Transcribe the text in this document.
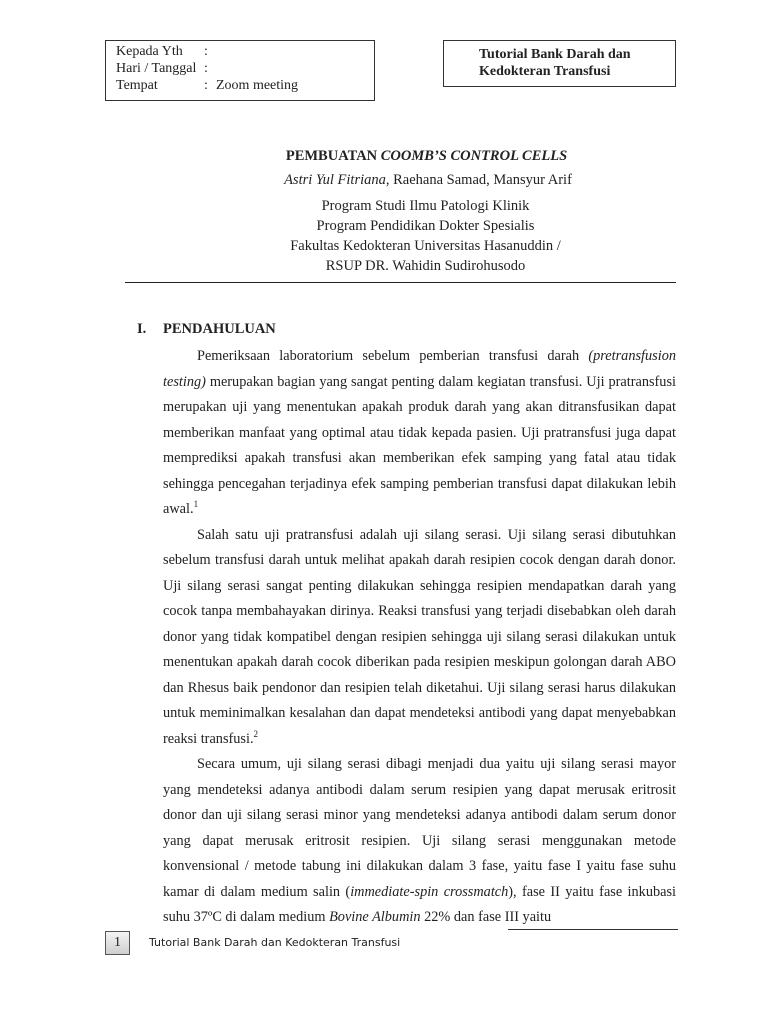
Kepada Yth	:
Hari / Tanggal :
Tempat	: Zoom meeting
Tutorial Bank Darah dan
Kedokteran Transfusi
PEMBUATAN COOMB’S CONTROL CELLS
Astri Yul Fitriana, Raehana Samad, Mansyur Arif
Program Studi Ilmu Patologi Klinik
Program Pendidikan Dokter Spesialis
Fakultas Kedokteran Universitas Hasanuddin /
RSUP DR. Wahidin Sudirohusodo
I.	PENDAHULUAN

Pemeriksaan laboratorium sebelum pemberian transfusi darah (pretransfusion testing) merupakan bagian yang sangat penting dalam kegiatan transfusi. Uji pratransfusi merupakan uji yang menentukan apakah produk darah yang akan ditransfusikan dapat memberikan manfaat yang optimal atau tidak kepada pasien. Uji pratransfusi juga dapat memprediksi apakah transfusi akan memberikan efek samping yang fatal atau tidak sehingga pencegahan terjadinya efek samping pemberian transfusi dapat dilakukan lebih awal.$^1$

Salah satu uji pratransfusi adalah uji silang serasi. Uji silang serasi dibutuhkan sebelum transfusi darah untuk melihat apakah darah resipien cocok dengan darah donor. Uji silang serasi sangat penting dilakukan sehingga resipien mendapatkan darah yang cocok tanpa membahayakan dirinya. Reaksi transfusi yang terjadi disebabkan oleh darah donor yang tidak kompatibel dengan resipien sehingga uji silang serasi dilakukan untuk menentukan apakah darah cocok diberikan pada resipien meskipun golongan darah ABO dan Rhesus baik pendonor dan resipien telah diketahui. Uji silang serasi harus dilakukan untuk meminimalkan kesalahan dan dapat mendeteksi antibodi yang dapat menyebabkan reaksi transfusi.$^2$

Secara umum, uji silang serasi dibagi menjadi dua yaitu uji silang serasi mayor yang mendeteksi adanya antibodi dalam serum resipien yang dapat merusak eritrosit donor dan uji silang serasi minor yang mendeteksi adanya antibodi dalam serum donor yang dapat merusak eritrosit resipien. Uji silang serasi menggunakan metode konvensional / metode tabung ini dilakukan dalam 3 fase, yaitu fase I yaitu fase suhu kamar di dalam medium salin (immediate-spin crossmatch), fase II yaitu fase inkubasi suhu 37ºC di dalam medium Bovine Albumin 22% dan fase III yaitu

1	Tutorial Bank Darah dan Kedokteran Transfusi
